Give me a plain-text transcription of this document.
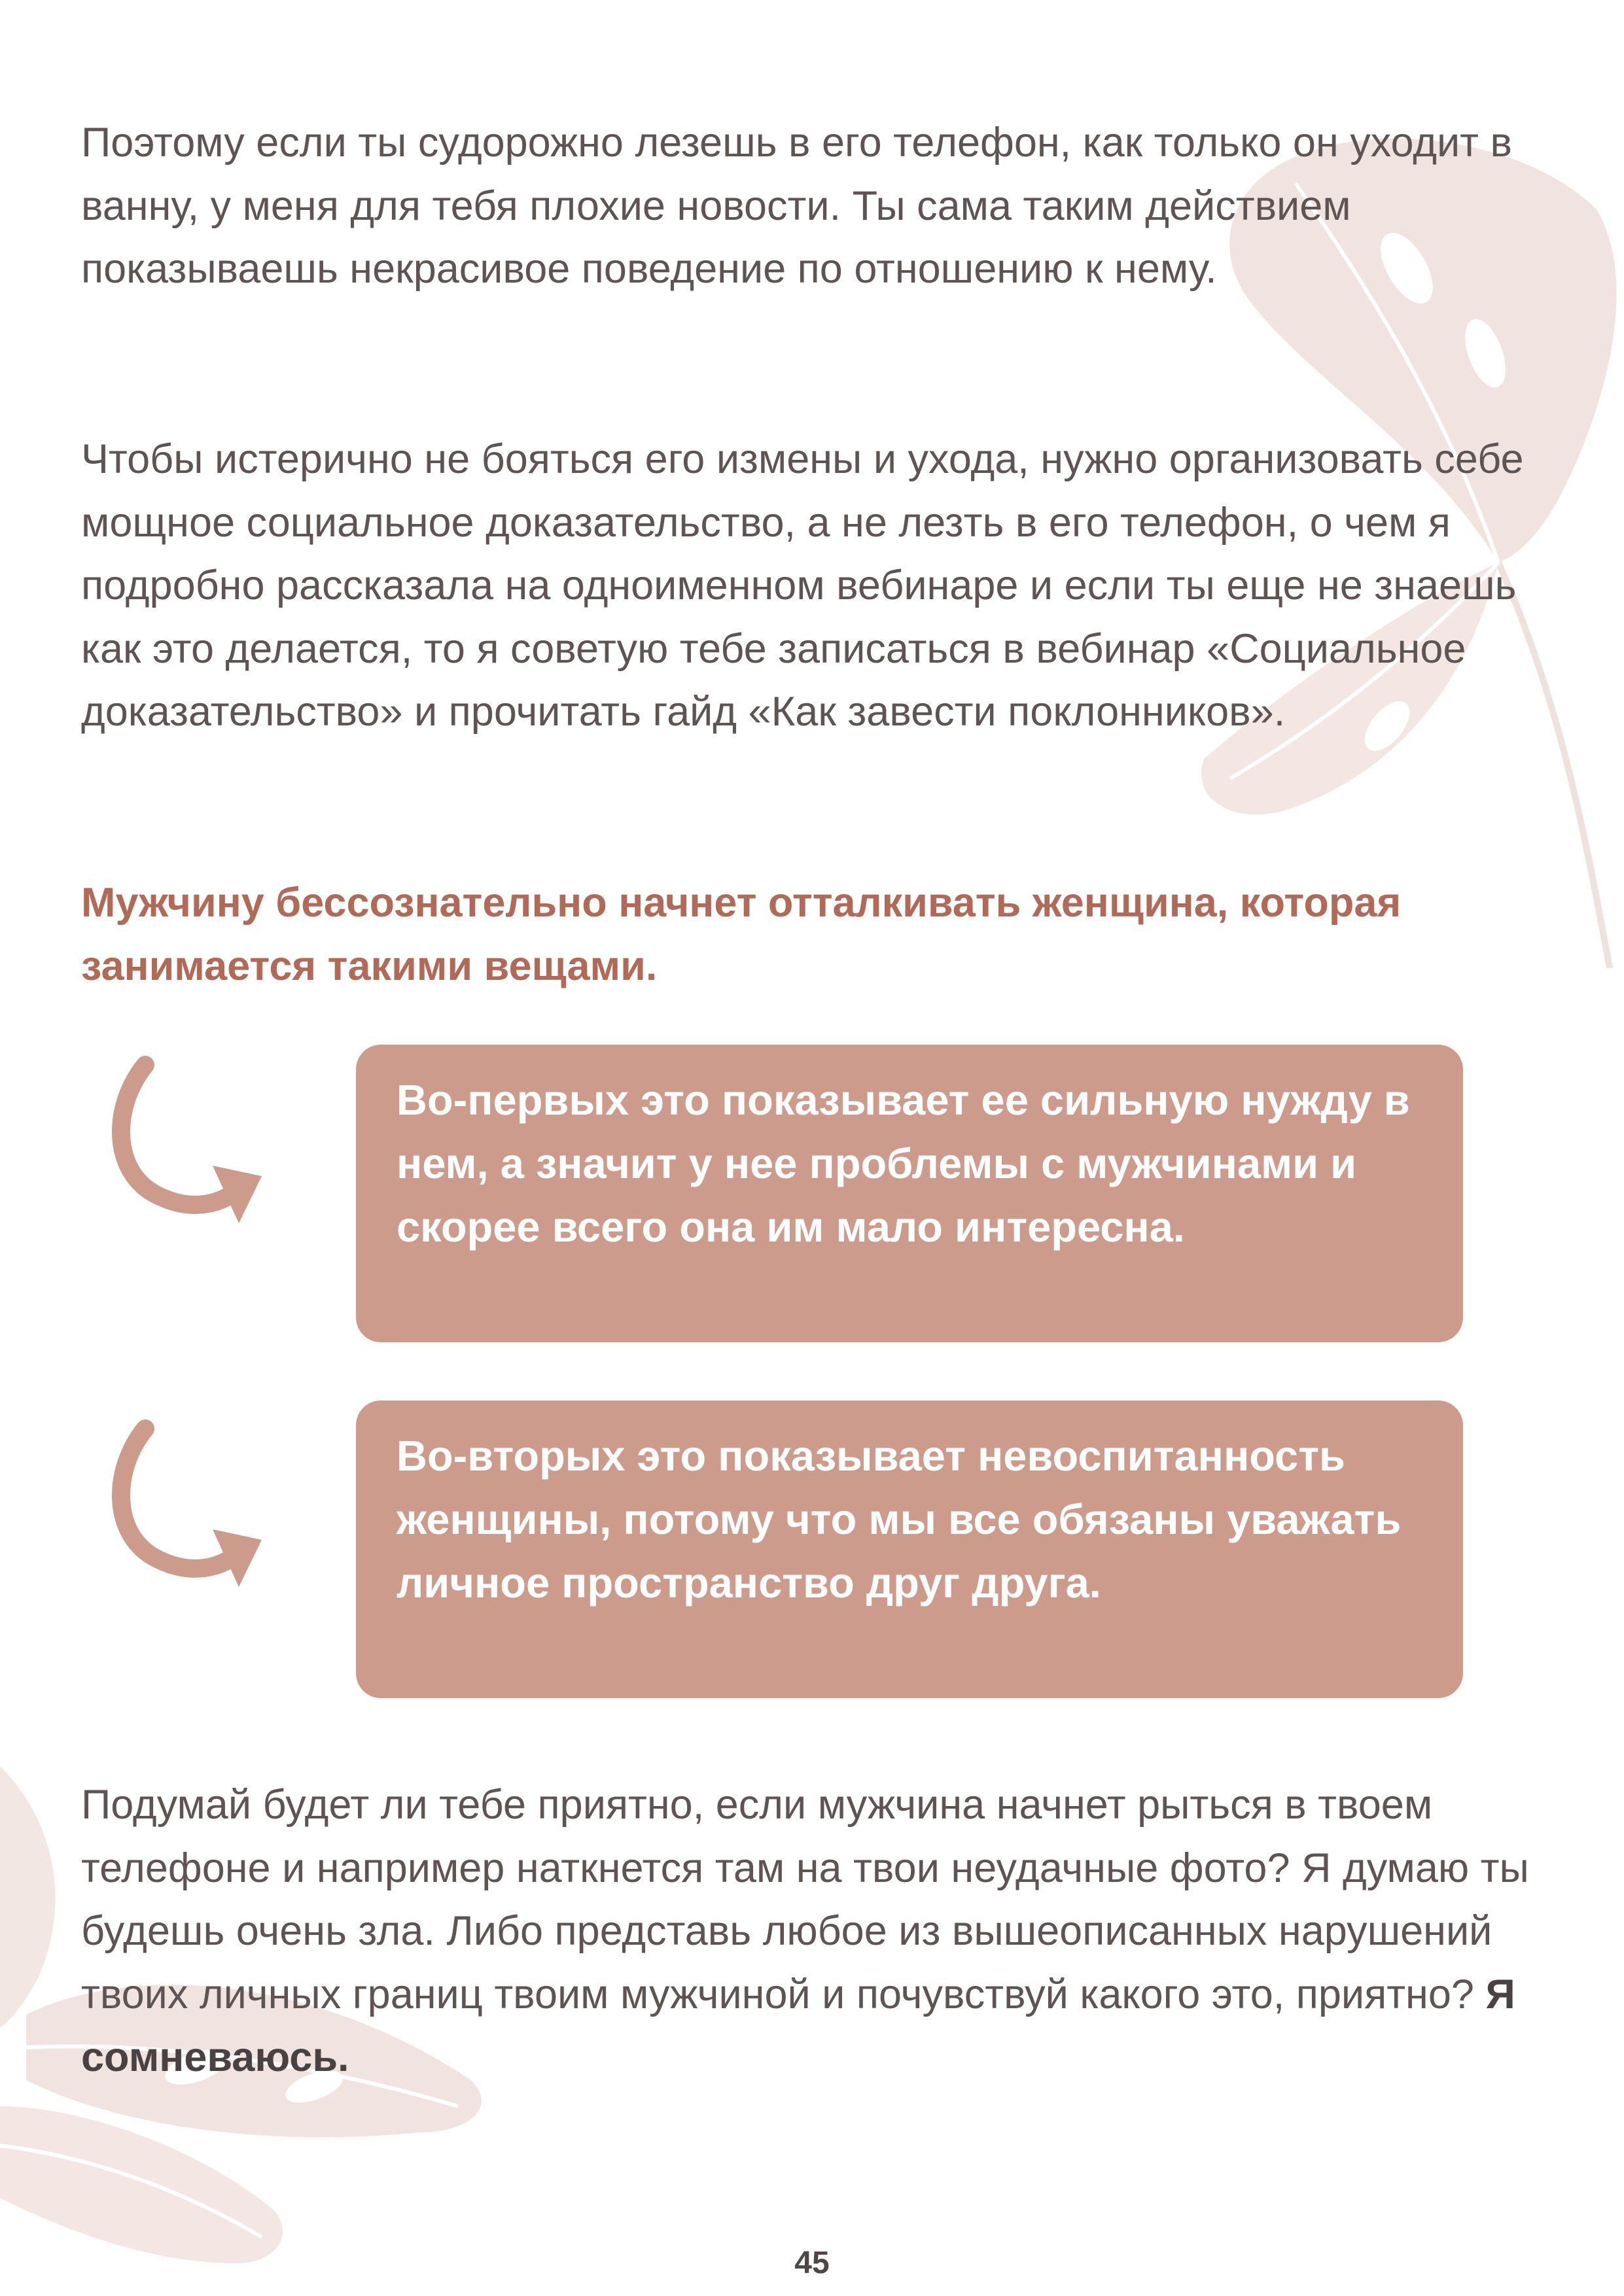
Поэтому если ты судорожно лезешь в его телефон, как только он уходит в ванну, у меня для тебя плохие новости. Ты сама таким действием показываешь некрасивое поведение по отношению к нему.

Чтобы истерично не бояться его измены и ухода, нужно организовать себе мощное социальное доказательство, а не лезть в его телефон, о чем я подробно рассказала на одноименном вебинаре и если ты еще не знаешь как это делается, то я советую тебе записаться в вебинар «Социальное доказательство» и прочитать гайд «Как завести поклонников».

Мужчину бессознательно начнет отталкивать женщина, которая занимается такими вещами.

Во-первых это показывает ее сильную нужду в нем, а значит у нее проблемы с мужчинами и скорее всего она им мало интересна.
Во-вторых это показывает невоспитанность женщины, потому что мы все обязаны уважать личное пространство друг друга.

Подумай будет ли тебе приятно, если мужчина начнет рыться в твоем телефоне и например наткнется там на твои неудачные фото? Я думаю ты будешь очень зла. Либо представь любое из вышеописанных нарушений твоих личных границ твоим мужчиной и почувствуй какого это, приятно? Я сомневаюсь.

45
